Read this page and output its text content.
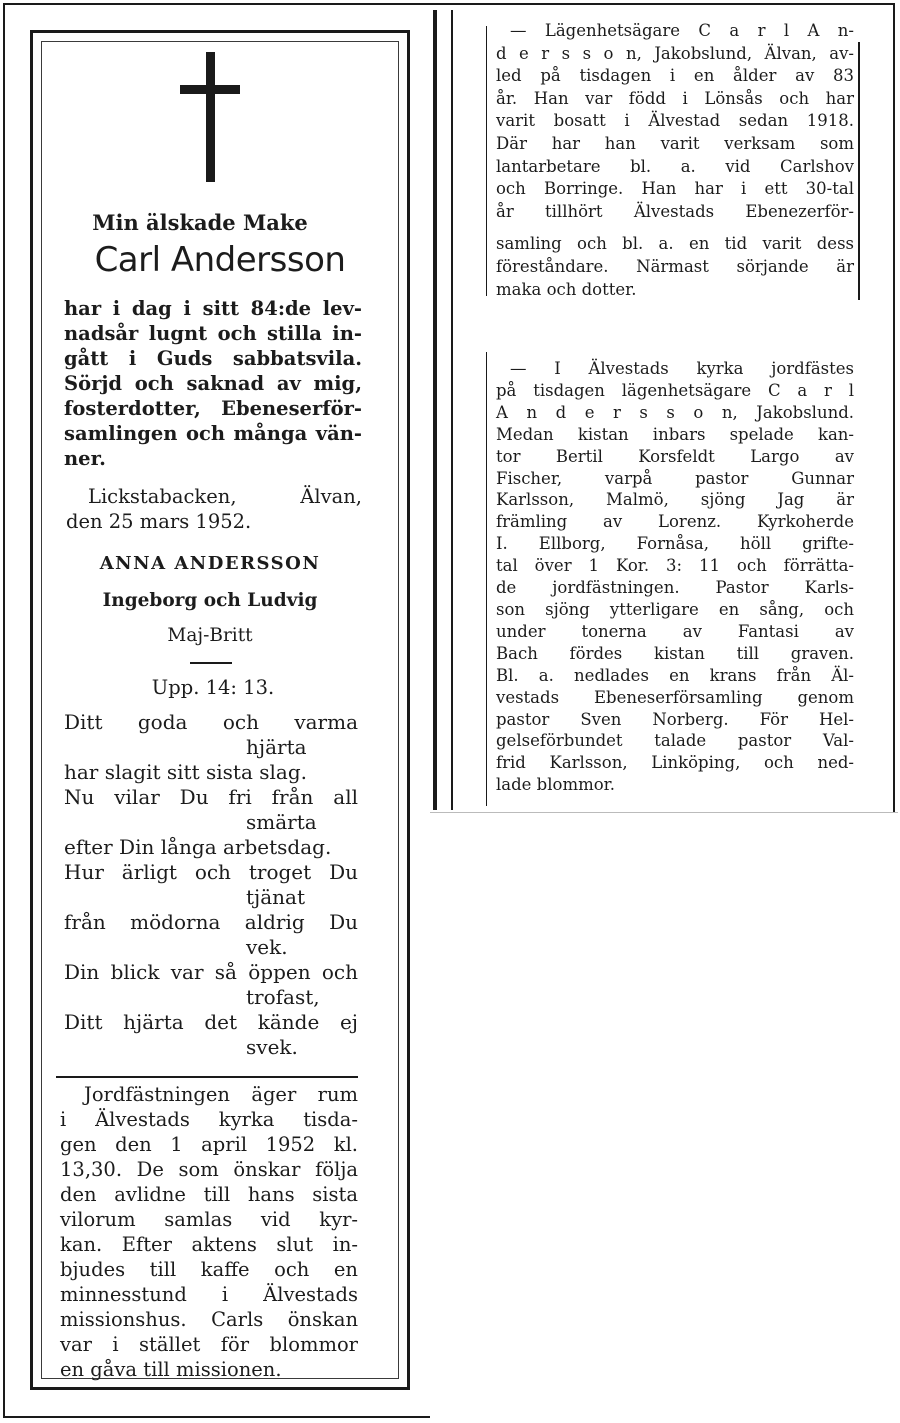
Min älskade Make
Carl Andersson
har i dag i sitt 84:de lev-
nadsår lugnt och stilla in-
gått i Guds sabbatsvila.
Sörjd och saknad av mig,
fosterdotter, Ebeneserför-
samlingen och många vän-
ner.
Lickstabacken, Älvan,
den 25 mars 1952.
ANNA ANDERSSON
Ingeborg och Ludvig
Maj-Britt
Upp. 14: 13.
Ditt goda och varma
hjärta
har slagit sitt sista slag.
Nu vilar Du fri från all
smärta
efter Din långa arbetsdag.
Hur ärligt och troget Du
tjänat
från mödorna aldrig Du
vek.
Din blick var så öppen och
trofast,
Ditt hjärta det kände ej
svek.
Jordfästningen äger rum
i Älvestads kyrka tisda-
gen den 1 april 1952 kl.
13,30. De som önskar följa
den avlidne till hans sista
vilorum samlas vid kyr-
kan. Efter aktens slut in-
bjudes till kaffe och en
minnesstund i Älvestads
missionshus. Carls önskan
var i stället för blommor
en gåva till missionen.
— Lägenhetsägare C a r l A n-
d e r s s o n, Jakobslund, Älvan, av-
led på tisdagen i en ålder av 83
år. Han var född i Lönsås och har
varit bosatt i Älvestad sedan 1918.
Där har han varit verksam som
lantarbetare bl. a. vid Carlshov
och Borringe. Han har i ett 30-tal
år tillhört Älvestads Ebenezerför-
samling och bl. a. en tid varit dess
föreståndare. Närmast sörjande är
maka och dotter.
— I Älvestads kyrka jordfästes
på tisdagen lägenhetsägare C a r l
A n d e r s s o n, Jakobslund.
Medan kistan inbars spelade kan-
tor Bertil Korsfeldt Largo av
Fischer, varpå pastor Gunnar
Karlsson, Malmö, sjöng Jag är
främling av Lorenz. Kyrkoherde
I. Ellborg, Fornåsa, höll grifte-
tal över 1 Kor. 3: 11 och förrätta-
de jordfästningen. Pastor Karls-
son sjöng ytterligare en sång, och
under tonerna av Fantasi av
Bach fördes kistan till graven.
Bl. a. nedlades en krans från Äl-
vestads Ebeneserförsamling genom
pastor Sven Norberg. För Hel-
gelseförbundet talade pastor Val-
frid Karlsson, Linköping, och ned-
lade blommor.
